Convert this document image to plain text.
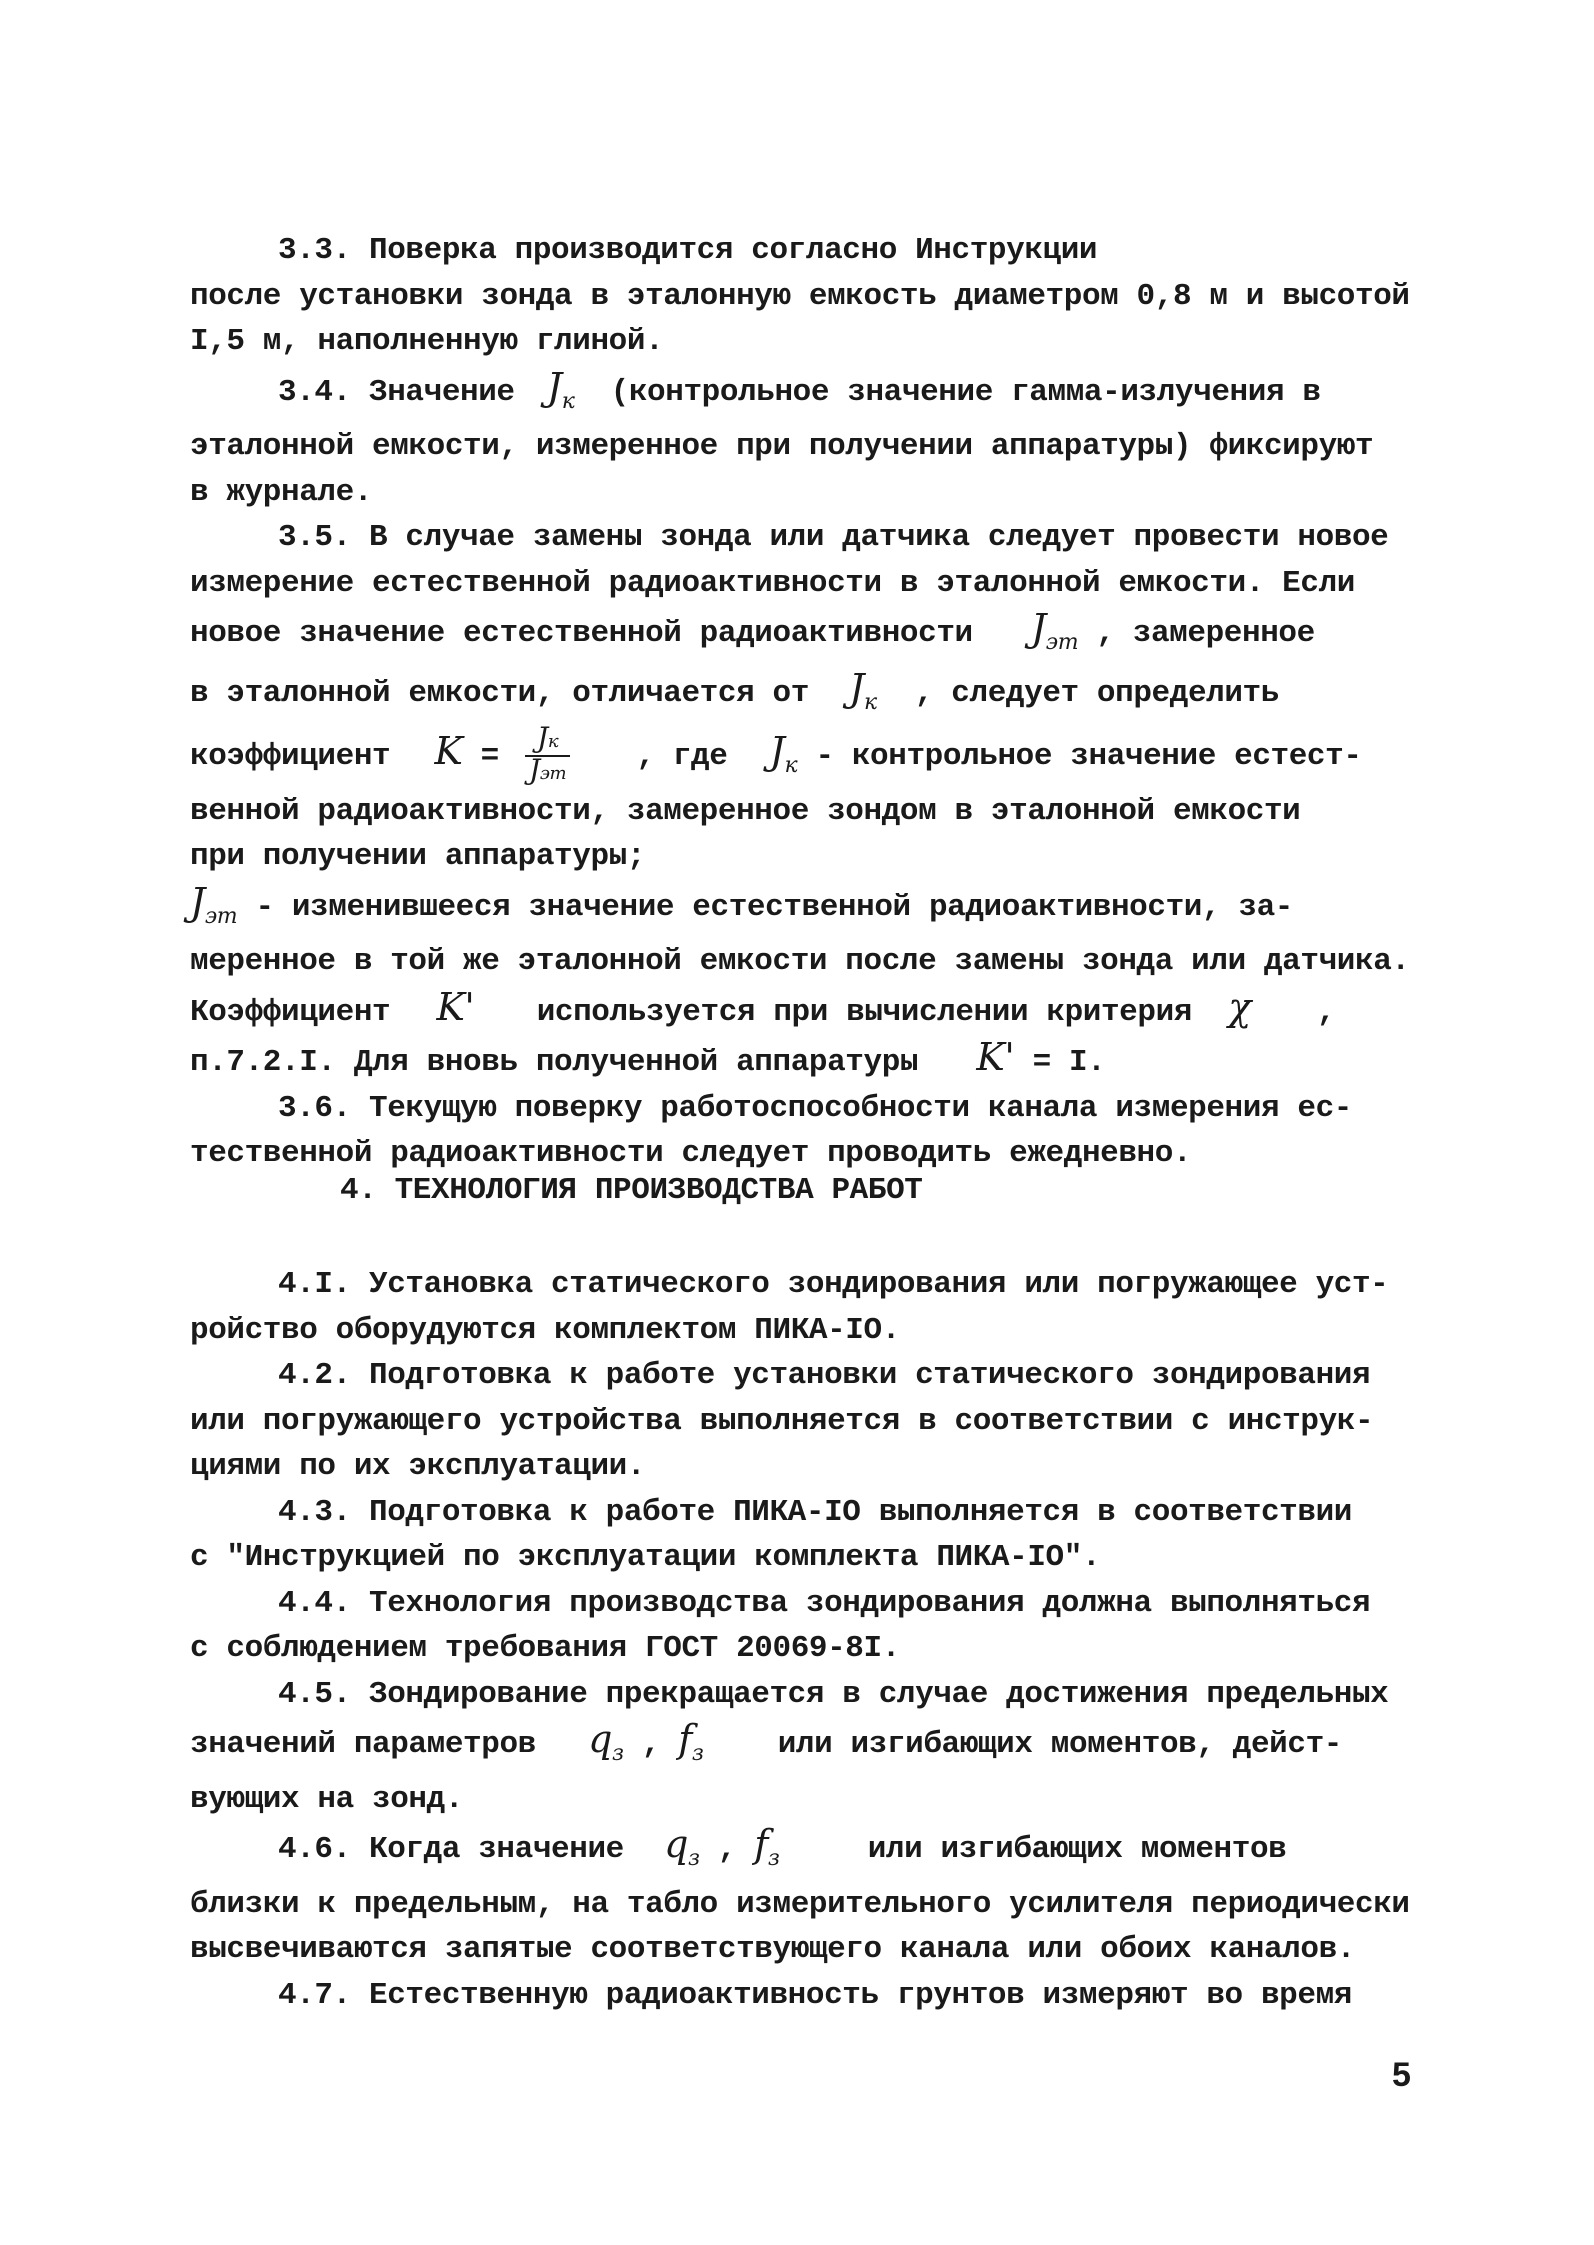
3.3. Поверка производится согласно Инструкции

после установки зонда в эталонную емкость диаметром 0,8 м и высотой

I,5 м, наполненную глиной.

3.4. Значение $J_к$ (контрольное значение гамма-излучения в

эталонной емкости, измеренное при получении аппаратуры) фиксируют

в журнале.

3.5. В случае замены зонда или датчика следует провести новое

измерение естественной радиоактивности в эталонной емкости. Если

новое значение естественной радиоактивности $J_{эт}$ , замеренное

в эталонной емкости, отличается от $J_к$ , следует определить

коэффициент $K = \frac{Jк}{\text{Jэт}}$ , где $J_к$ - контрольное значение естест-

венной радиоактивности, замеренное зондом в эталонной емкости

при получении аппаратуры;

$J_{эт}$ - изменившееся значение естественной радиоактивности, за-

меренное в той же эталонной емкости после замены зонда или датчика.

Коэффициент K' используется при вычислении критерия χ ,

п.7.2.I. Для вновь полученной аппаратуры K' = I.

3.6. Текущую поверку работоспособности канала измерения ес-

тественной радиоактивности следует проводить ежедневно.

4. ТЕХНОЛОГИЯ ПРОИЗВОДСТВА РАБОТ

4.I. Установка статического зондирования или погружающее уст-

ройство оборудуются комплектом ПИКА-IO.

4.2. Подготовка к работе установки статического зондирования

или погружающего устройства выполняется в соответствии с инструк-

циями по их эксплуатации.

4.3. Подготовка к работе ПИКА-IO выполняется в соответствии

с "Инструкцией по эксплуатации комплекта ПИКА-IO".

4.4. Технология производства зондирования должна выполняться

с соблюдением требования ГОСТ 20069-8I.

4.5. Зондирование прекращается в случае достижения предельных

значений параметров $q_з$ , $f_з$ или изгибающих моментов, дейст-

вующих на зонд.

4.6. Когда значение $q_з$ , $f_з$	или изгибающих моментов

близки к предельным, на табло измерительного усилителя периодически

высвечиваются запятые соответствующего канала или обоих каналов.

4.7. Естественную радиоактивность грунтов измеряют во время

5
